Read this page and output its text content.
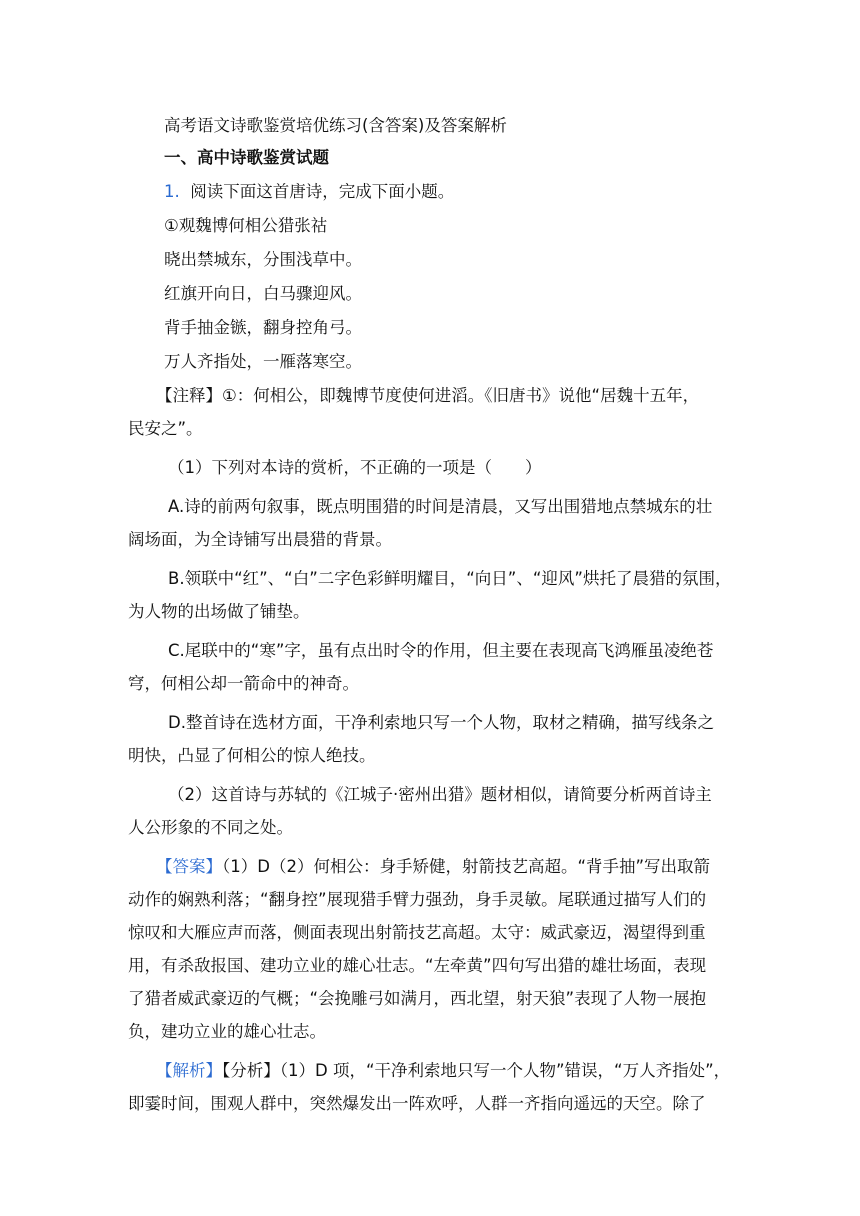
高考语文诗歌鉴赏培优练习(含答案)及答案解析

一、高中诗歌鉴赏试题

1. 阅读下面这首唐诗，完成下面小题。

①观魏博何相公猎张祜

晓出禁城东，分围浅草中。

红旗开向日，白马骤迎风。

背手抽金镞，翻身控角弓。

万人齐指处，一雁落寒空。

【注释】①：何相公，即魏博节度使何进滔。《旧唐书》说他“居魏十五年，

民安之”。

（1）下列对本诗的赏析，不正确的一项是（　　）

A.诗的前两句叙事，既点明围猎的时间是清晨，又写出围猎地点禁城东的壮

阔场面，为全诗铺写出晨猎的背景。

B.领联中“红”、“白”二字色彩鲜明耀目，“向日”、“迎风”烘托了晨猎的氛围，

为人物的出场做了铺垫。

C.尾联中的“寒”字，虽有点出时令的作用，但主要在表现高飞鸿雁虽凌绝苍

穹，何相公却一箭命中的神奇。

D.整首诗在选材方面，干净利索地只写一个人物，取材之精确，描写线条之

明快，凸显了何相公的惊人绝技。

（2）这首诗与苏轼的《江城子·密州出猎》题材相似，请简要分析两首诗主

人公形象的不同之处。

【答案】（1）D（2）何相公：身手矫健，射箭技艺高超。“背手抽”写出取箭

动作的娴熟利落；“翻身控”展现猎手臂力强劲，身手灵敏。尾联通过描写人们的

惊叹和大雁应声而落，侧面表现出射箭技艺高超。太守：威武豪迈，渴望得到重

用，有杀敌报国、建功立业的雄心壮志。“左牵黄”四句写出猎的雄壮场面，表现

了猎者威武豪迈的气概；“会挽雕弓如满月，西北望，射天狼”表现了人物一展抱

负，建功立业的雄心壮志。

【解析】【分析】（1）D 项，“干净利索地只写一个人物”错误，“万人齐指处”，

即霎时间，围观人群中，突然爆发出一阵欢呼，人群一齐指向遥远的天空。除了
